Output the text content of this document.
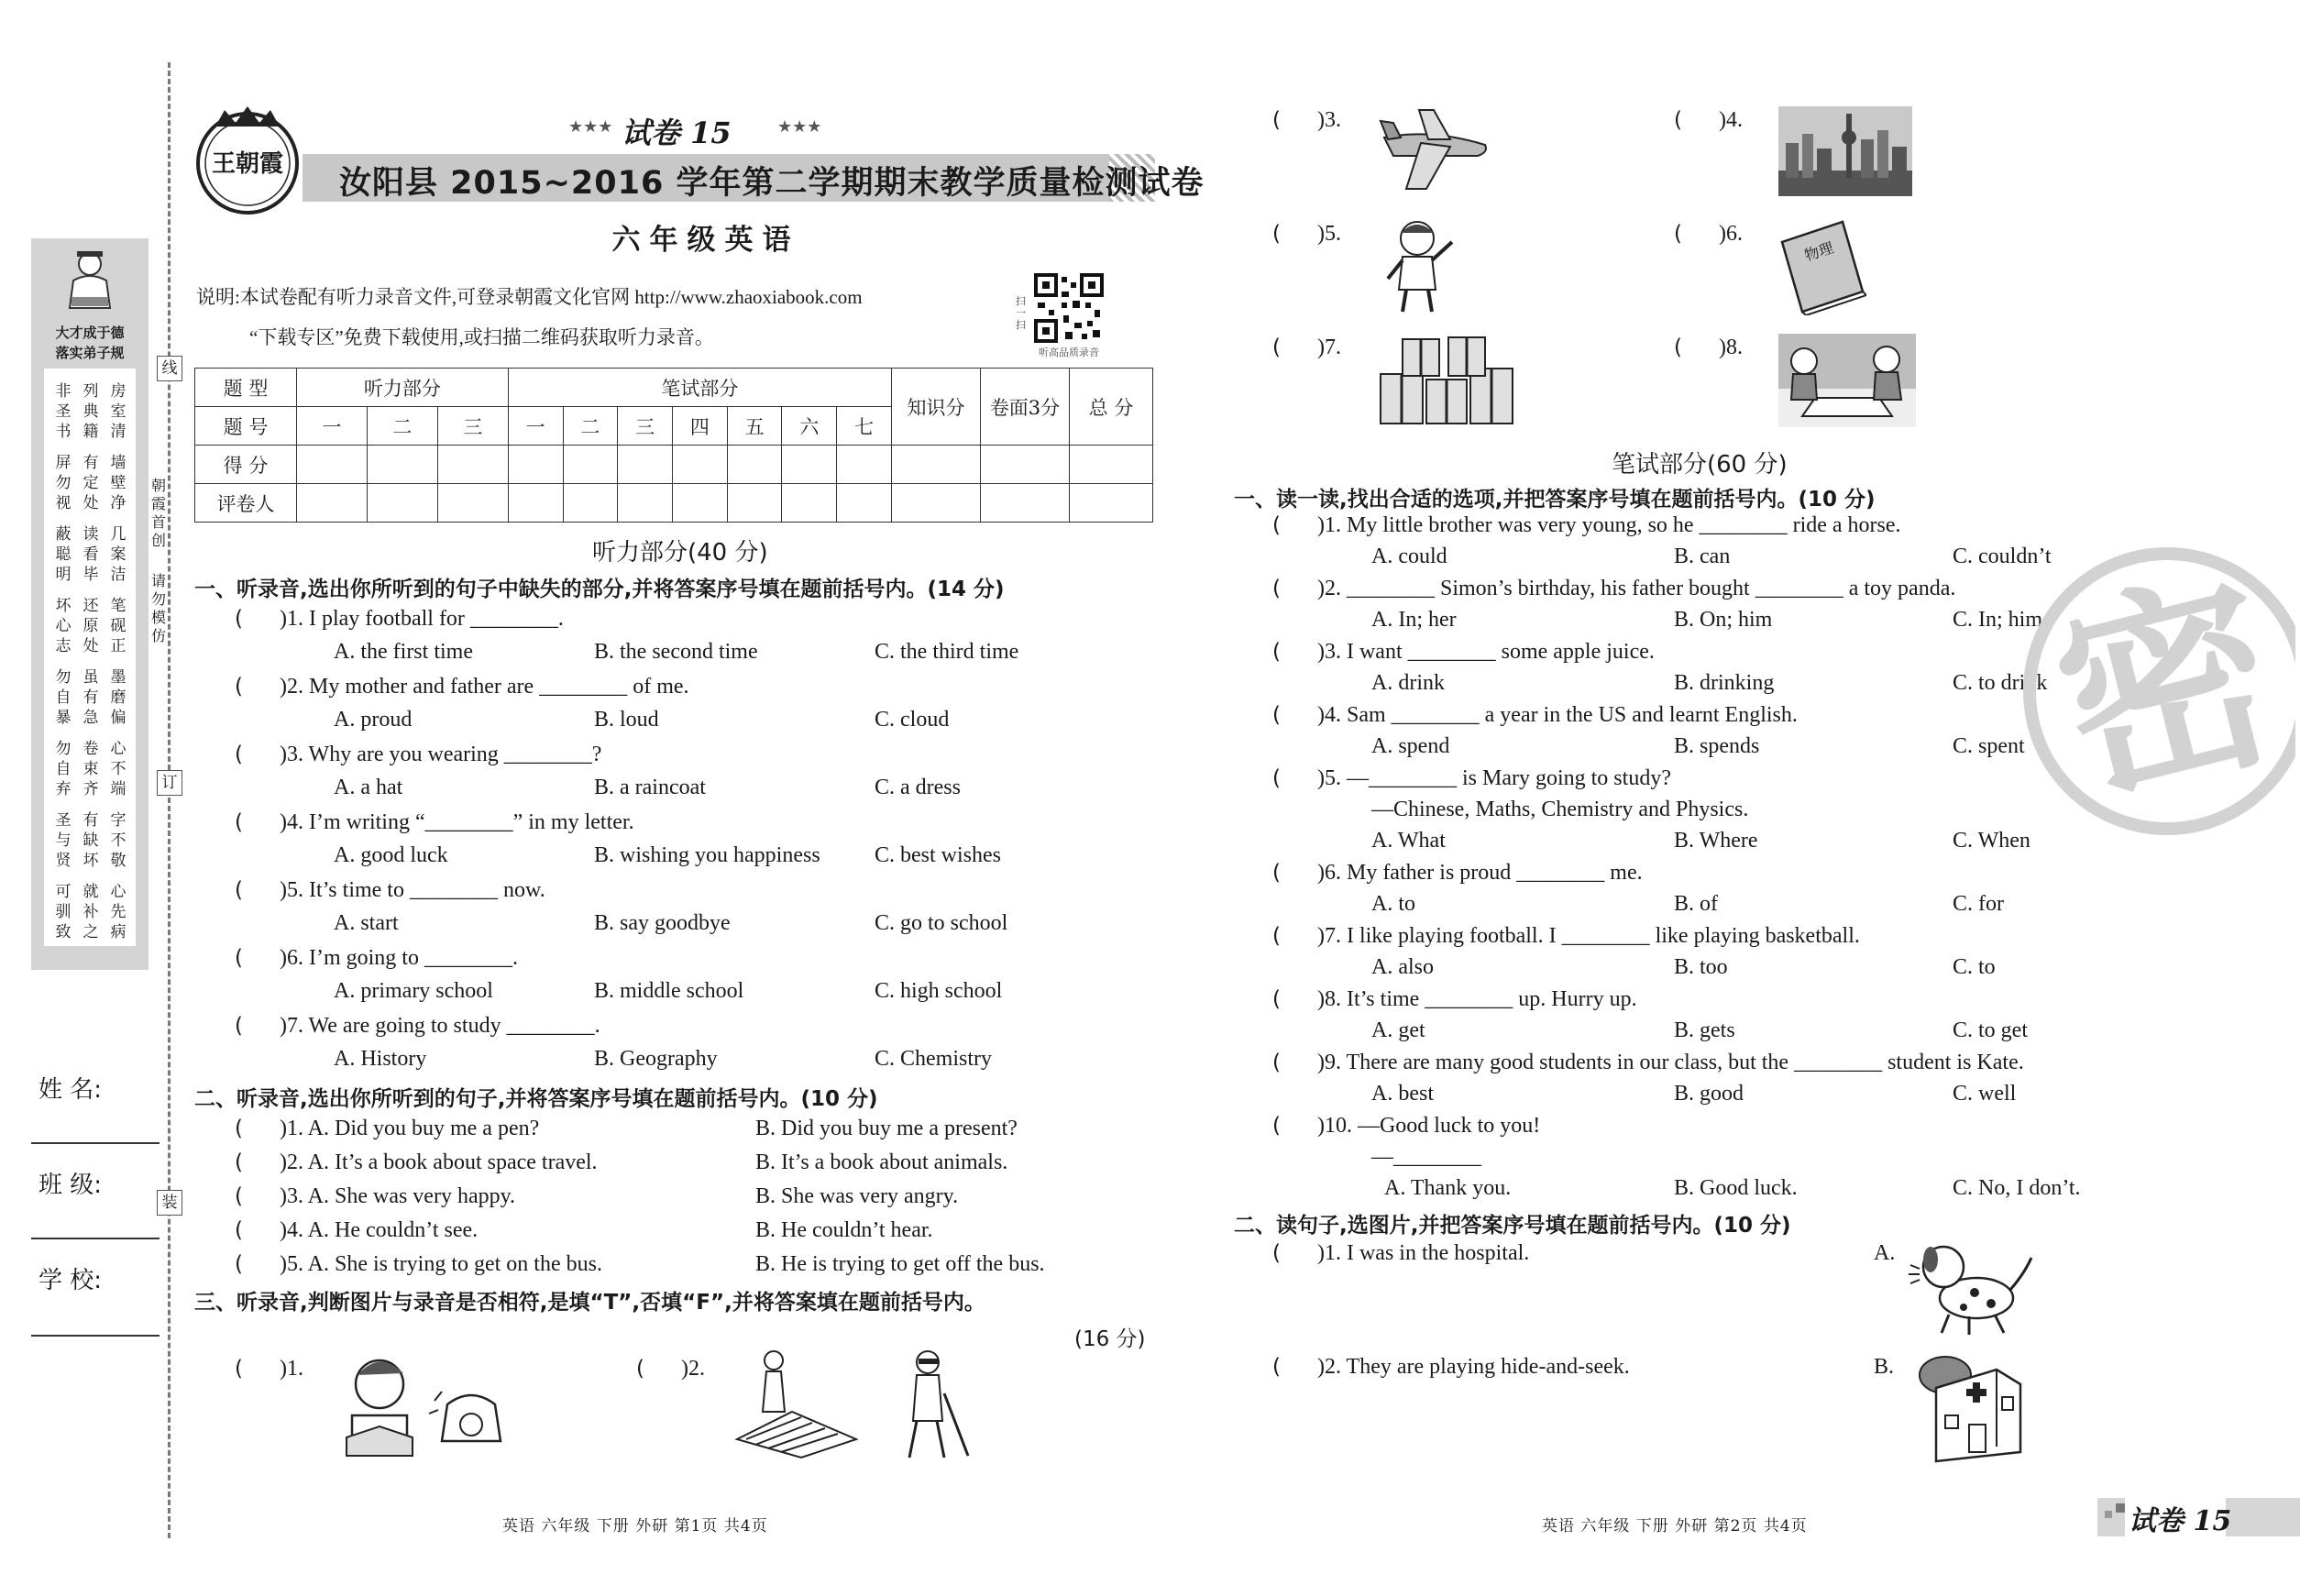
线
订
装
朝霞首创
请勿模仿
大才成于德
落实弟子规
非圣书
列典籍
房室清
屏勿视
有定处
墙壁净
蔽聪明
读看毕
几案洁
坏心志
还原处
笔砚正
勿自暴
虽有急
墨磨偏
勿自弃
卷束齐
心不端
圣与贤
有缺坏
字不敬
可驯致
就补之
心先病
姓 名:
班 级:
学 校:
王朝霞
试卷 15
★★★	★★★
汝阳县 2015~2016 学年第二学期期末教学质量检测试卷
六年级英语
说明:本试卷配有听力录音文件,可登录朝霞文化官网 http://www.zhaoxiabook.com
“下载专区”免费下载使用,或扫描二维码获取听力录音。
扫一扫
听高品质录音
题 型	听力部分			笔试部分							知识分	卷面3分	总 分
题 号	一	二	三	一	二	三	四	五	六	七			
得 分													
评卷人													
听力部分(40 分)
一、听录音,选出你所听到的句子中缺失的部分,并将答案序号填在题前括号内。(14 分)
( )1. I play football for ________.
A. the first time	B. the second time	C. the third time
( )2. My mother and father are ________ of me.
A. proud	B. loud	C. cloud
( )3. Why are you wearing ________?
A. a hat	B. a raincoat	C. a dress
( )4. I’m writing “________” in my letter.
A. good luck	B. wishing you happiness C. best wishes
( )5. It’s time to ________ now.
A. start	B. say goodbye	C. go to school
( )6. I’m going to ________.
A. primary school	B. middle school	C. high school
( )7. We are going to study ________.
A. History	B. Geography	C. Chemistry
二、听录音,选出你所听到的句子,并将答案序号填在题前括号内。(10 分)
( )1. A. Did you buy me a pen?	B. Did you buy me a present?
( )2. A. It’s a book about space travel.	B. It’s a book about animals.
( )3. A. She was very happy.	B. She was very angry.
( )4. A. He couldn’t see.	B. He couldn’t hear.
( )5. A. She is trying to get on the bus.	B. He is trying to get off the bus.
三、听录音,判断图片与录音是否相符,是填“T”,否填“F”,并将答案填在题前括号内。
(16 分)
( )1.	( )2.
( )3.	( )4.
( )5.	( )6.
物理
( )7.	( )8.
笔试部分(60 分)
一、读一读,找出合适的选项,并把答案序号填在题前括号内。(10 分)
( )1. My little brother was very young, so he ________ ride a horse.
A. could	B. can	C. couldn’t
( )2. ________ Simon’s birthday, his father bought ________ a toy panda.
A. In; her	B. On; him	C. In; him
( )3. I want ________ some apple juice.
A. drink	B. drinking	C. to drink
( )4. Sam ________ a year in the US and learnt English.
A. spend	B. spends	C. spent
( )5. —________ is Mary going to study?
—Chinese, Maths, Chemistry and Physics.
A. What	B. Where	C. When
( )6. My father is proud ________ me.
A. to	B. of	C. for
( )7. I like playing football. I ________ like playing basketball.
A. also	B. too	C. to
( )8. It’s time ________ up. Hurry up.
A. get	B. gets	C. to get
( )9. There are many good students in our class, but the ________ student is Kate.
A. best	B. good	C. well
( )10. —Good luck to you!
—________
A. Thank you.	B. Good luck.	C. No, I don’t.
二、读句子,选图片,并把答案序号填在题前括号内。(10 分)
( )1. I was in the hospital.	A.
( )2. They are playing hide-and-seek.	B.
密
英语 六年级 下册 外研 第1页 共4页	英语 六年级 下册 外研 第2页 共4页	试卷 15
